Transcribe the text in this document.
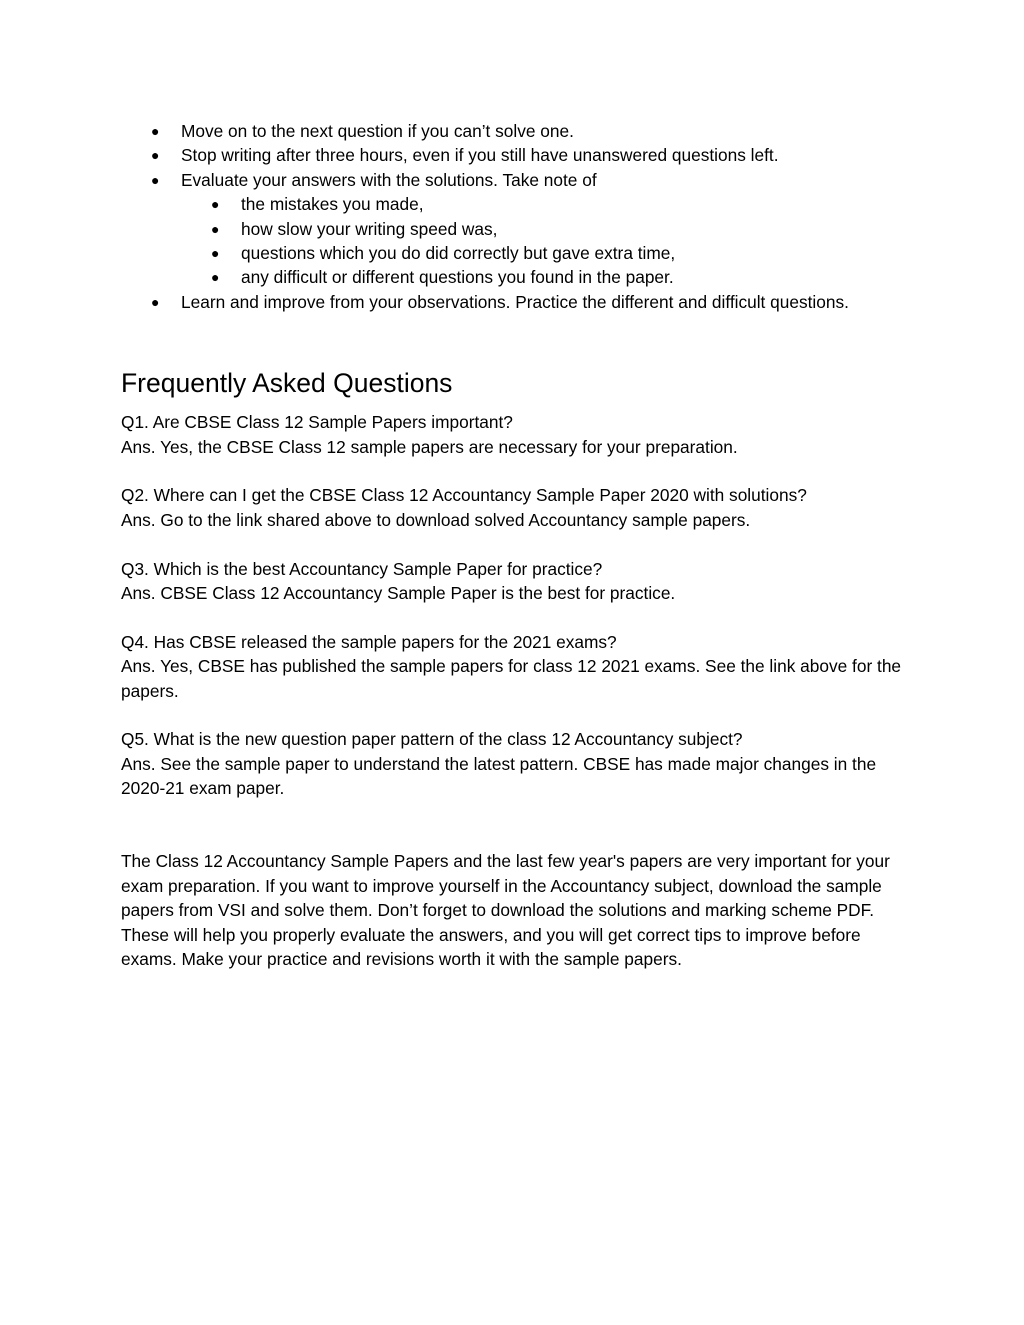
● Move on to the next question if you can’t solve one.
● Stop writing after three hours, even if you still have unanswered questions left.
● Evaluate your answers with the solutions. Take note of
● the mistakes you made,
● how slow your writing speed was,
● questions which you do did correctly but gave extra time,
● any difficult or different questions you found in the paper.
● Learn and improve from your observations. Practice the different and difficult questions.
Frequently Asked Questions

Q1. Are CBSE Class 12 Sample Papers important?

Ans. Yes, the CBSE Class 12 sample papers are necessary for your preparation.

Q2. Where can I get the CBSE Class 12 Accountancy Sample Paper 2020 with solutions?

Ans. Go to the link shared above to download solved Accountancy sample papers.

Q3. Which is the best Accountancy Sample Paper for practice?

Ans. CBSE Class 12 Accountancy Sample Paper is the best for practice.

Q4. Has CBSE released the sample papers for the 2021 exams?

Ans. Yes, CBSE has published the sample papers for class 12 2021 exams. See the link above for the papers.

Q5. What is the new question paper pattern of the class 12 Accountancy subject?

Ans. See the sample paper to understand the latest pattern. CBSE has made major changes in the 2020-21 exam paper.

The Class 12 Accountancy Sample Papers and the last few year's papers are very important for your exam preparation. If you want to improve yourself in the Accountancy subject, download the sample papers from VSI and solve them. Don’t forget to download the solutions and marking scheme PDF. These will help you properly evaluate the answers, and you will get correct tips to improve before exams. Make your practice and revisions worth it with the sample papers.
